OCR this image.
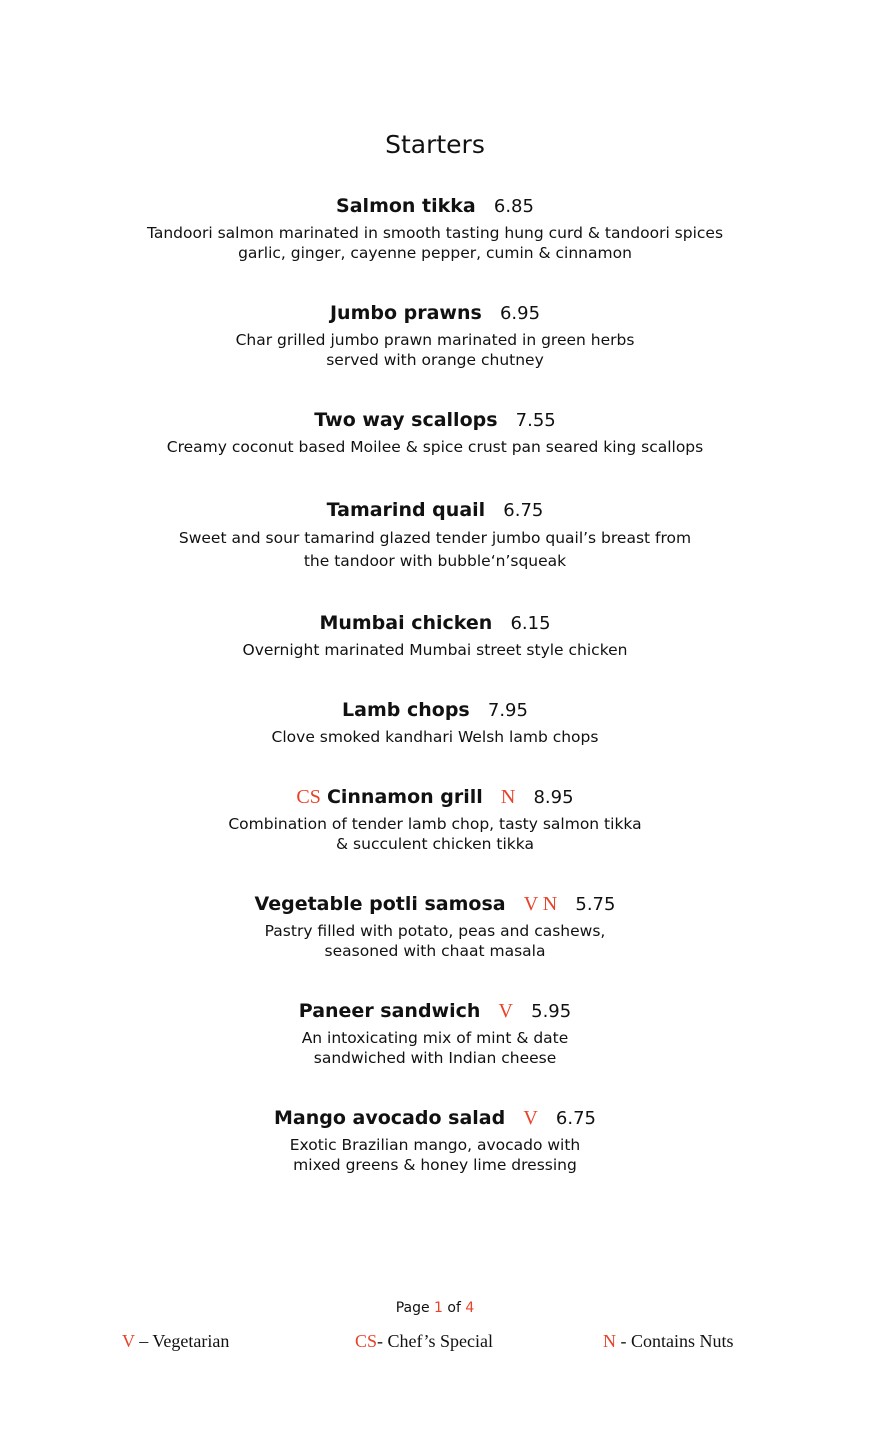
Starters
Salmon tikka 6.85
Tandoori salmon marinated in smooth tasting hung curd & tandoori spices
garlic, ginger, cayenne pepper, cumin & cinnamon
Jumbo prawns 6.95
Char grilled jumbo prawn marinated in green herbs
served with orange chutney
Two way scallops 7.55
Creamy coconut based Moilee & spice crust pan seared king scallops
Tamarind quail 6.75
Sweet and sour tamarind glazed tender jumbo quail’s breast from
the tandoor with bubble‘n’squeak
Mumbai chicken 6.15
Overnight marinated Mumbai street style chicken
Lamb chops 7.95
Clove smoked kandhari Welsh lamb chops
CS Cinnamon grill N 8.95
Combination of tender lamb chop, tasty salmon tikka
& succulent chicken tikka
Vegetable potli samosa V N 5.75
Pastry filled with potato, peas and cashews,
seasoned with chaat masala
Paneer sandwich V 5.95
An intoxicating mix of mint & date
sandwiched with Indian cheese
Mango avocado salad V 6.75
Exotic Brazilian mango, avocado with
mixed greens & honey lime dressing
Page 1 of 4
V – Vegetarian	CS- Chef’s Special	N - Contains Nuts
